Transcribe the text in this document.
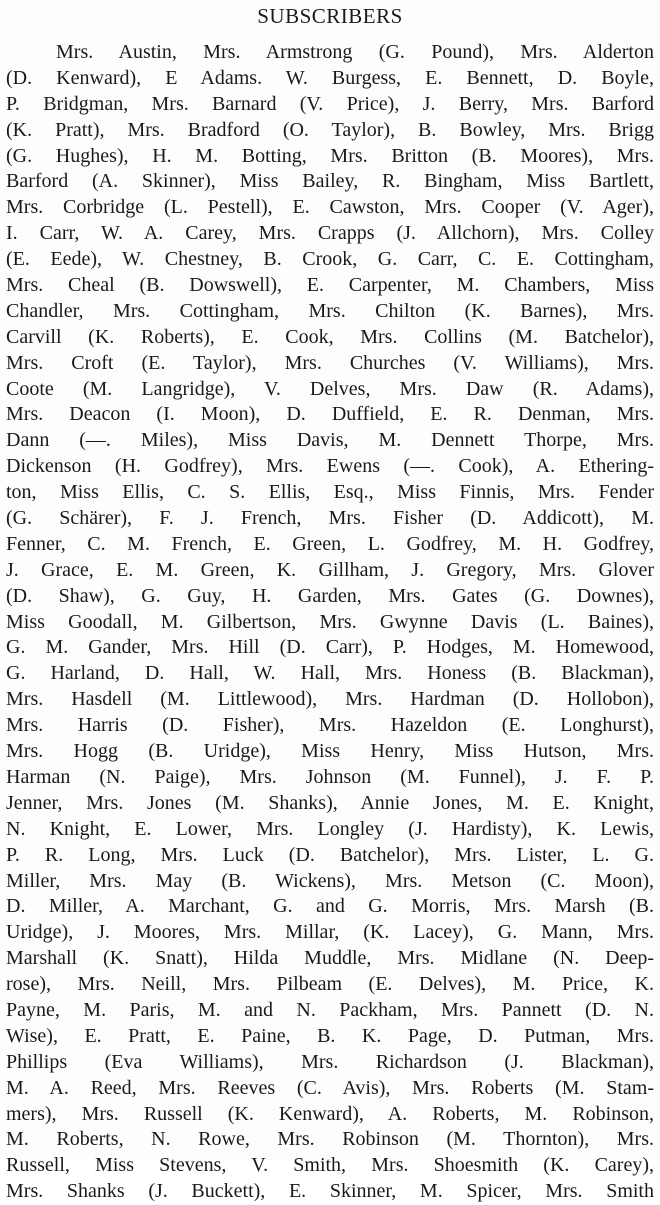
SUBSCRIBERS
Mrs. Austin, Mrs. Armstrong (G. Pound), Mrs. Alderton
(D. Kenward), E Adams. W. Burgess, E. Bennett, D. Boyle,
P. Bridgman, Mrs. Barnard (V. Price), J. Berry, Mrs. Barford
(K. Pratt), Mrs. Bradford (O. Taylor), B. Bowley, Mrs. Brigg
(G. Hughes), H. M. Botting, Mrs. Britton (B. Moores), Mrs.
Barford (A. Skinner), Miss Bailey, R. Bingham, Miss Bartlett,
Mrs. Corbridge (L. Pestell), E. Cawston, Mrs. Cooper (V. Ager),
I. Carr, W. A. Carey, Mrs. Crapps (J. Allchorn), Mrs. Colley
(E. Eede), W. Chestney, B. Crook, G. Carr, C. E. Cottingham,
Mrs. Cheal (B. Dowswell), E. Carpenter, M. Chambers, Miss
Chandler, Mrs. Cottingham, Mrs. Chilton (K. Barnes), Mrs.
Carvill (K. Roberts), E. Cook, Mrs. Collins (M. Batchelor),
Mrs. Croft (E. Taylor), Mrs. Churches (V. Williams), Mrs.
Coote (M. Langridge), V. Delves, Mrs. Daw (R. Adams),
Mrs. Deacon (I. Moon), D. Duffield, E. R. Denman, Mrs.
Dann (—. Miles), Miss Davis, M. Dennett Thorpe, Mrs.
Dickenson (H. Godfrey), Mrs. Ewens (—. Cook), A. Ethering-
ton, Miss Ellis, C. S. Ellis, Esq., Miss Finnis, Mrs. Fender
(G. Schärer), F. J. French, Mrs. Fisher (D. Addicott), M.
Fenner, C. M. French, E. Green, L. Godfrey, M. H. Godfrey,
J. Grace, E. M. Green, K. Gillham, J. Gregory, Mrs. Glover
(D. Shaw), G. Guy, H. Garden, Mrs. Gates (G. Downes),
Miss Goodall, M. Gilbertson, Mrs. Gwynne Davis (L. Baines),
G. M. Gander, Mrs. Hill (D. Carr), P. Hodges, M. Homewood,
G. Harland, D. Hall, W. Hall, Mrs. Honess (B. Blackman),
Mrs. Hasdell (M. Littlewood), Mrs. Hardman (D. Hollobon),
Mrs. Harris (D. Fisher), Mrs. Hazeldon (E. Longhurst),
Mrs. Hogg (B. Uridge), Miss Henry, Miss Hutson, Mrs.
Harman (N. Paige), Mrs. Johnson (M. Funnel), J. F. P.
Jenner, Mrs. Jones (M. Shanks), Annie Jones, M. E. Knight,
N. Knight, E. Lower, Mrs. Longley (J. Hardisty), K. Lewis,
P. R. Long, Mrs. Luck (D. Batchelor), Mrs. Lister, L. G.
Miller, Mrs. May (B. Wickens), Mrs. Metson (C. Moon),
D. Miller, A. Marchant, G. and G. Morris, Mrs. Marsh (B.
Uridge), J. Moores, Mrs. Millar, (K. Lacey), G. Mann, Mrs.
Marshall (K. Snatt), Hilda Muddle, Mrs. Midlane (N. Deep-
rose), Mrs. Neill, Mrs. Pilbeam (E. Delves), M. Price, K.
Payne, M. Paris, M. and N. Packham, Mrs. Pannett (D. N.
Wise), E. Pratt, E. Paine, B. K. Page, D. Putman, Mrs.
Phillips (Eva Williams), Mrs. Richardson (J. Blackman),
M. A. Reed, Mrs. Reeves (C. Avis), Mrs. Roberts (M. Stam-
mers), Mrs. Russell (K. Kenward), A. Roberts, M. Robinson,
M. Roberts, N. Rowe, Mrs. Robinson (M. Thornton), Mrs.
Russell, Miss Stevens, V. Smith, Mrs. Shoesmith (K. Carey),
Mrs. Shanks (J. Buckett), E. Skinner, M. Spicer, Mrs. Smith
